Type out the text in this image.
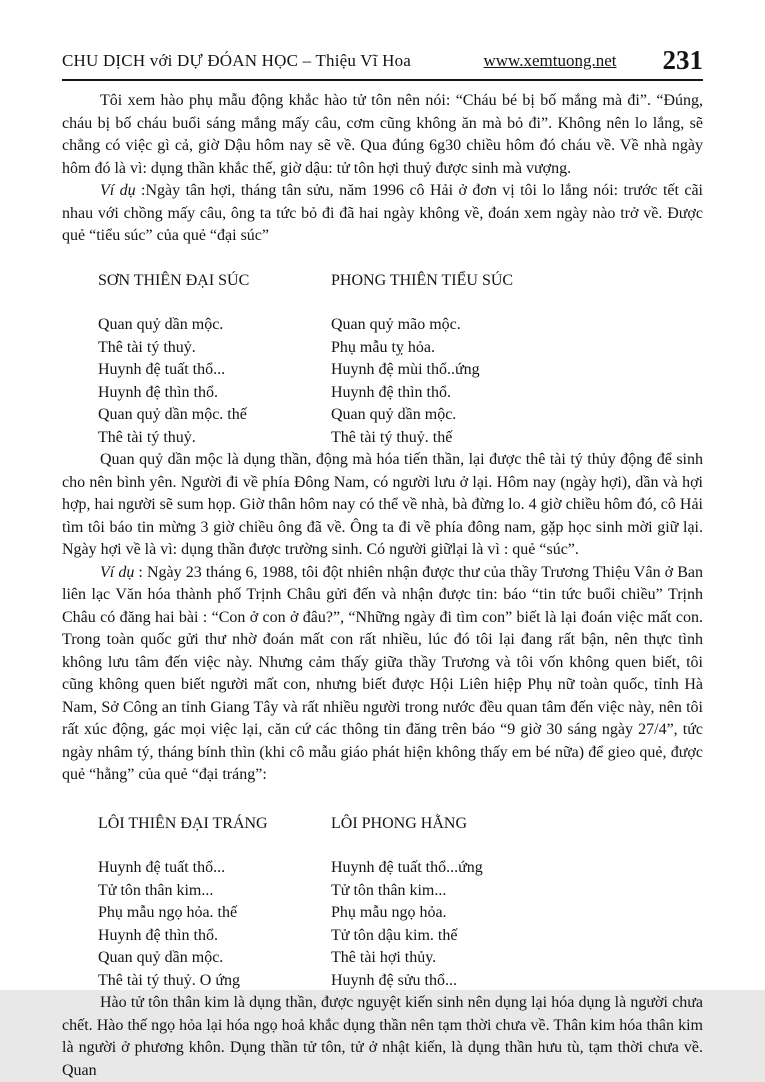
CHU DỊCH với DỰ ĐÓAN HỌC – Thiệu Vĩ Hoa	www.xemtuong.net 231

Tôi xem hào phụ mẫu động khắc hào tử tôn nên nói: “Cháu bé bị bố mắng mà đi”. “Đúng, cháu bị bố cháu buổi sáng mắng mấy câu, cơm cũng không ăn mà bỏ đi”. Không nên lo lắng, sẽ chẳng có việc gì cả, giờ Dậu hôm nay sẽ về. Qua đúng 6g30 chiều hôm đó cháu về. Về nhà ngày hôm đó là vì: dụng thần khắc thế, giờ dậu: tử tôn hợi thuỷ được sinh mà vượng.

Ví dụ :Ngày tân hợi, tháng tân sửu, năm 1996 cô Hải ở đơn vị tôi lo lắng nói: trước tết cãi nhau với chồng mấy câu, ông ta tức bỏ đi đã hai ngày không về, đoán xem ngày nào trở về. Được quẻ “tiểu súc” của quẻ “đại súc”

SƠN THIÊN ĐẠI SÚC
Quan quỷ dần mộc.
Thê tài tý thuỷ.
Huynh đệ tuất thổ...
Huynh đệ thìn thổ.
Quan quỷ dần mộc. thế
Thê tài tý thuỷ.
PHONG THIÊN TIỂU SÚC
Quan quỷ mão mộc.
Phụ mẫu tỵ hỏa.
Huynh đệ mùi thổ..ứng
Huynh đệ thìn thổ.
Quan quỷ dần mộc.
Thê tài tý thuỷ. thế

Quan quỷ dần mộc là dụng thần, động mà hóa tiến thần, lại được thê tài tý thủy động để sinh cho nên bình yên. Người đi về phía Đông Nam, có người lưu ở lại. Hôm nay (ngày hợi), dần và hợi hợp, hai người sẽ sum họp. Giờ thân hôm nay có thể về nhà, bà đừng lo. 4 giờ chiều hôm đó, cô Hải tìm tôi báo tin mừng 3 giờ chiều ông đã về. Ông ta đi về phía đông nam, gặp học sinh mời giữ lại. Ngày hợi về là vì: dụng thần được trường sinh. Có người giữlại là vì : quẻ “súc”.

Ví dụ : Ngày 23 tháng 6, 1988, tôi đột nhiên nhận được thư của thầy Trương Thiệu Vân ở Ban liên lạc Văn hóa thành phố Trịnh Châu gửi đến và nhận được tin: báo “tin tức buổi chiều” Trịnh Châu có đăng hai bài : “Con ở con ở đâu?”, “Những ngày đi tìm con” biết là lại đoán việc mất con. Trong toàn quốc gửi thư nhờ đoán mất con rất nhiều, lúc đó tôi lại đang rất bận, nên thực tình không lưu tâm đến việc này. Nhưng cảm thấy giữa thầy Trương và tôi vốn không quen biết, tôi cũng không quen biết người mất con, nhưng biết được Hội Liên hiệp Phụ nữ toàn quốc, tỉnh Hà Nam, Sở Công an tỉnh Giang Tây và rất nhiều người trong nước đều quan tâm đến việc này, nên tôi rất xúc động, gác mọi việc lại, căn cứ các thông tin đăng trên báo “9 giờ 30 sáng ngày 27/4”, tức ngày nhâm tý, tháng bính thìn (khi cô mẫu giáo phát hiện không thấy em bé nữa) để gieo quẻ, được quẻ “hằng” của quẻ “đại tráng”:

LÔI THIÊN ĐẠI TRÁNG
Huynh đệ tuất thổ...
Tử tôn thân kim...
Phụ mẫu ngọ hỏa. thế
Huynh đệ thìn thổ.
Quan quỷ dần mộc.
Thê tài tý thuỷ. O ứng
LÔI PHONG HẰNG
Huynh đệ tuất thổ...ứng
Tử tôn thân kim...
Phụ mẫu ngọ hỏa.
Tử tôn dậu kim. thế
Thê tài hợi thủy.
Huynh đệ sửu thổ...

Hào tử tôn thân kim là dụng thần, được nguyệt kiến sinh nên dụng lại hóa dụng là người chưa chết. Hào thế ngọ hỏa lại hóa ngọ hoả khắc dụng thần nên tạm thời chưa về. Thân kim hóa thân kim là người ở phương khôn. Dụng thần tử tôn, tử ở nhật kiến, là dụng thần hưu tù, tạm thời chưa về. Quan
